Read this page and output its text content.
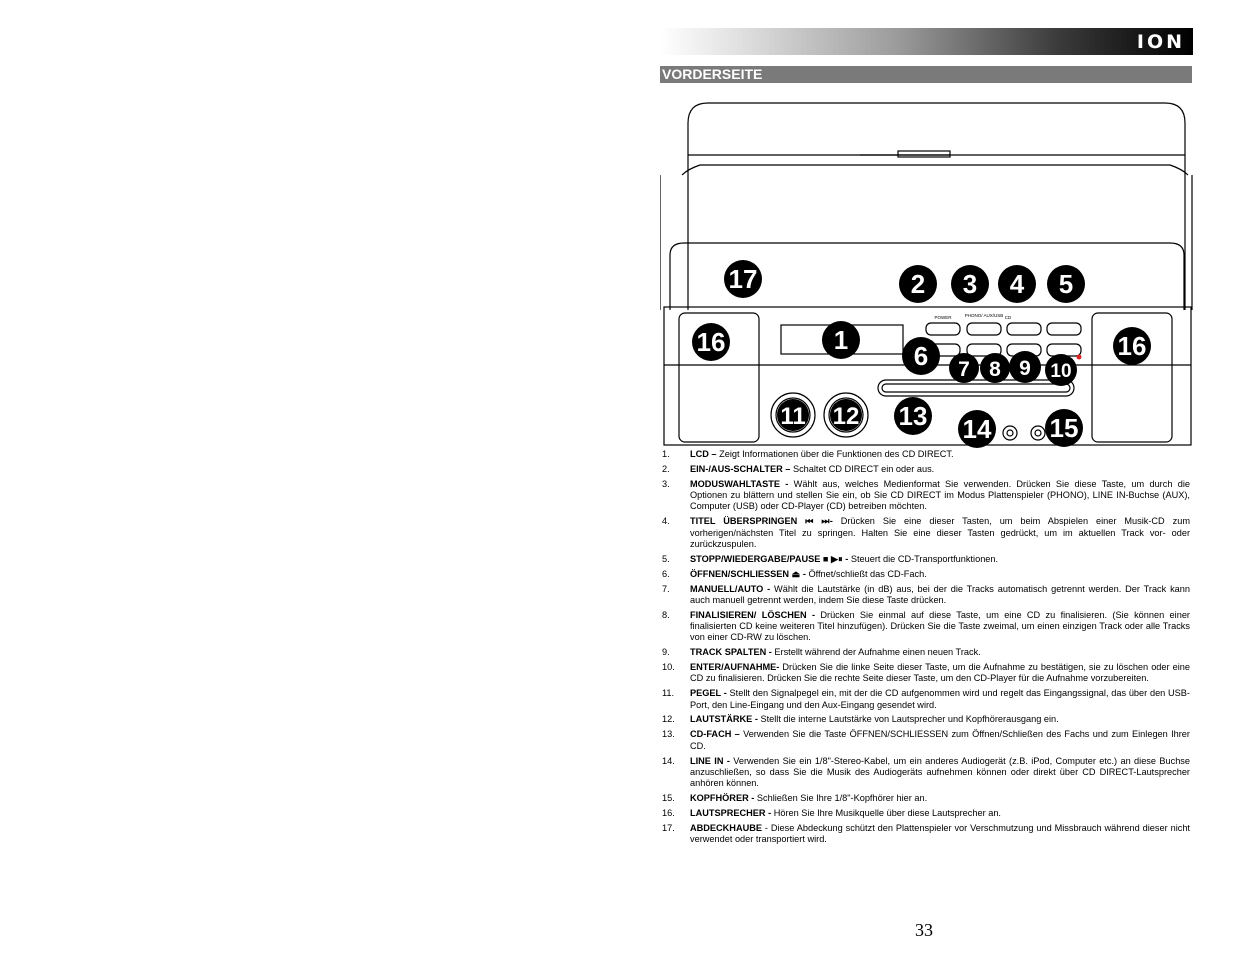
ION
VORDERSEITE
POWER	PHONO/ AUX/USB CD
1
2 3 4 5
6 7 8 9 10
11 12 13 14 15
16	16
17
1. LCD – Zeigt Informationen über die Funktionen des CD DIRECT.
2. EIN-/AUS-SCHALTER – Schaltet CD DIRECT ein oder aus.
3. MODUSWAHLTASTE - Wählt aus, welches Medienformat Sie verwenden. Drücken Sie diese Taste, um durch die Optionen zu blättern und stellen Sie ein, ob Sie CD DIRECT im Modus Plattenspieler (PHONO), LINE IN-Buchse (AUX), Computer (USB) oder CD-Player (CD) betreiben möchten.
4. TITEL ÜBERSPRINGEN ⏮ ⏭- Drücken Sie eine dieser Tasten, um beim Abspielen einer Musik-CD zum vorherigen/nächsten Titel zu springen. Halten Sie eine dieser Tasten gedrückt, um im aktuellen Track vor- oder zurückzuspulen.
5. STOPP/WIEDERGABE/PAUSE ■ ▶⏸ - Steuert die CD-Transportfunktionen.
6. ÖFFNEN/SCHLIESSEN ⏏ - Öffnet/schließt das CD-Fach.
7. MANUELL/AUTO - Wählt die Lautstärke (in dB) aus, bei der die Tracks automatisch getrennt werden. Der Track kann auch manuell getrennt werden, indem Sie diese Taste drücken.
8. FINALISIEREN/ LÖSCHEN - Drücken Sie einmal auf diese Taste, um eine CD zu finalisieren. (Sie können einer finalisierten CD keine weiteren Titel hinzufügen). Drücken Sie die Taste zweimal, um einen einzigen Track oder alle Tracks von einer CD-RW zu löschen.
9. TRACK SPALTEN - Erstellt während der Aufnahme einen neuen Track.
10. ENTER/AUFNAHME- Drücken Sie die linke Seite dieser Taste, um die Aufnahme zu bestätigen, sie zu löschen oder eine CD zu finalisieren. Drücken Sie die rechte Seite dieser Taste, um den CD-Player für die Aufnahme vorzubereiten.
11. PEGEL - Stellt den Signalpegel ein, mit der die CD aufgenommen wird und regelt das Eingangssignal, das über den USB-Port, den Line-Eingang und den Aux-Eingang gesendet wird.
12. LAUTSTÄRKE - Stellt die interne Lautstärke von Lautsprecher und Kopfhörerausgang ein.
13. CD-FACH – Verwenden Sie die Taste ÖFFNEN/SCHLIESSEN zum Öffnen/Schließen des Fachs und zum Einlegen Ihrer CD.
14. LINE IN - Verwenden Sie ein 1/8"-Stereo-Kabel, um ein anderes Audiogerät (z.B. iPod, Computer etc.) an diese Buchse anzuschließen, so dass Sie die Musik des Audiogeräts aufnehmen können oder direkt über CD DIRECT-Lautsprecher anhören können.
15. KOPFHÖRER - Schließen Sie Ihre 1/8"-Kopfhörer hier an.
16. LAUTSPRECHER - Hören Sie Ihre Musikquelle über diese Lautsprecher an.
17. ABDECKHAUBE - Diese Abdeckung schützt den Plattenspieler vor Verschmutzung und Missbrauch während dieser nicht verwendet oder transportiert wird.
33
